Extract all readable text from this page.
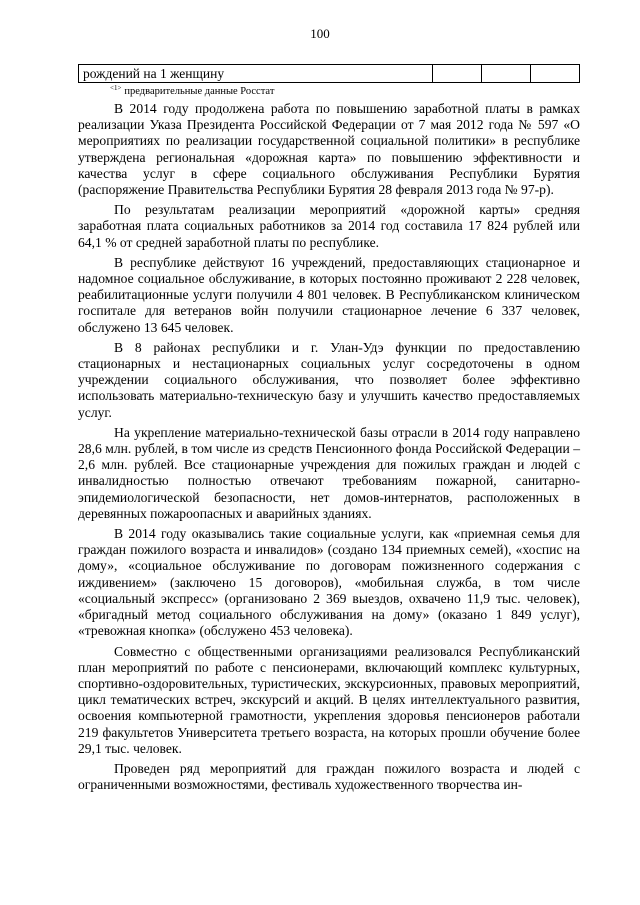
100
рождений на 1 женщину			
$^{<1>}$ предварительные данные Росстат

В 2014 году продолжена работа по повышению заработной платы в рамках реализации Указа Президента Российской Федерации от 7 мая 2012 года № 597 «О мероприятиях по реализации государственной социальной политики» в республике утверждена региональная «дорожная карта» по повышению эффективности и качества услуг в сфере социального обслуживания Республики Бурятия (распоряжение Правительства Республики Бурятия 28 февраля 2013 года № 97-р).

По результатам реализации мероприятий «дорожной карты» средняя заработная плата социальных работников за 2014 год составила 17 824 рублей или 64,1 % от средней заработной платы по республике.

В республике действуют 16 учреждений, предоставляющих стационарное и надомное социальное обслуживание, в которых постоянно проживают 2 228 человек, реабилитационные услуги получили 4 801 человек. В Республиканском клиническом госпитале для ветеранов войн получили стационарное лечение 6 337 человек, обслужено 13 645 человек.

В 8 районах республики и г. Улан-Удэ функции по предоставлению стационарных и нестационарных социальных услуг сосредоточены в одном учреждении социального обслуживания, что позволяет более эффективно использовать материально-техническую базу и улучшить качество предоставляемых услуг.

На укрепление материально-технической базы отрасли в 2014 году направлено 28,6 млн. рублей, в том числе из средств Пенсионного фонда Российской Федерации – 2,6 млн. рублей. Все стационарные учреждения для пожилых граждан и людей с инвалидностью полностью отвечают требованиям пожарной, санитарно-эпидемиологической безопасности, нет домов-интернатов, расположенных в деревянных пожароопасных и аварийных зданиях.

В 2014 году оказывались такие социальные услуги, как «приемная семья для граждан пожилого возраста и инвалидов» (создано 134 приемных семей), «хоспис на дому», «социальное обслуживание по договорам пожизненного содержания с иждивением» (заключено 15 договоров), «мобильная служба, в том числе «социальный экспресс» (организовано 2 369 выездов, охвачено 11,9 тыс. человек), «бригадный метод социального обслуживания на дому» (оказано 1 849 услуг), «тревожная кнопка» (обслужено 453 человека).

Совместно с общественными организациями реализовался Республиканский план мероприятий по работе с пенсионерами, включающий комплекс культурных, спортивно-оздоровительных, туристических, экскурсионных, правовых мероприятий, цикл тематических встреч, экскурсий и акций. В целях интеллектуального развития, освоения компьютерной грамотности, укрепления здоровья пенсионеров работали 219 факультетов Университета третьего возраста, на которых прошли обучение более 29,1 тыс. человек.

Проведен ряд мероприятий для граждан пожилого возраста и людей с ограниченными возможностями, фестиваль художественного творчества ин-
